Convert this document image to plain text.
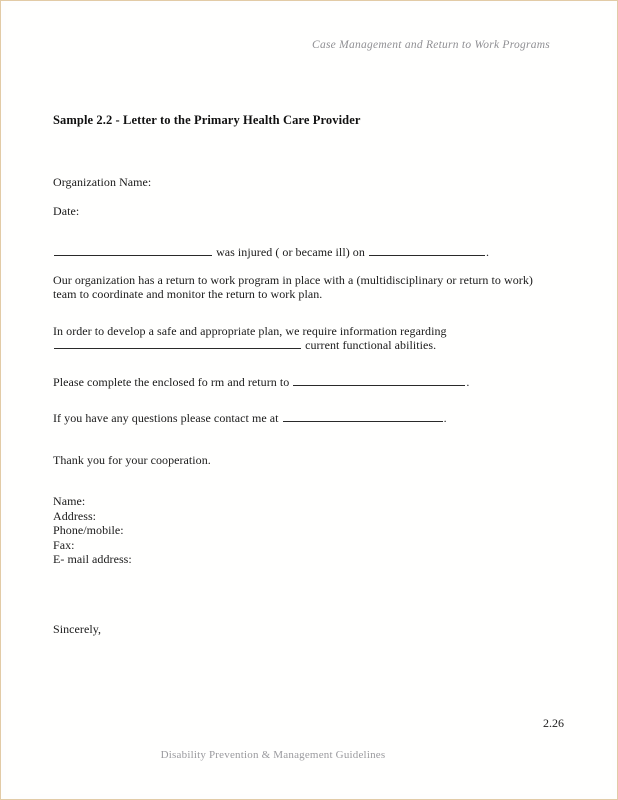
Case Management and Return to Work Programs
Sample 2.2 - Letter to the Primary Health Care Provider
Organization Name:
Date:
was injured ( or became ill) on	.
Our organization has a return to work program in place with a (multidisciplinary or return to work) team to coordinate and monitor the return to work plan.
In order to develop a safe and appropriate plan, we require information regarding
current functional abilities.
Please complete the enclosed fo rm and return to	.
If you have any questions please contact me at	.
Thank you for your cooperation.
Name:
Address:
Phone/mobile:
Fax:
E- mail address:
Sincerely,
2.26
Disability Prevention & Management Guidelines
